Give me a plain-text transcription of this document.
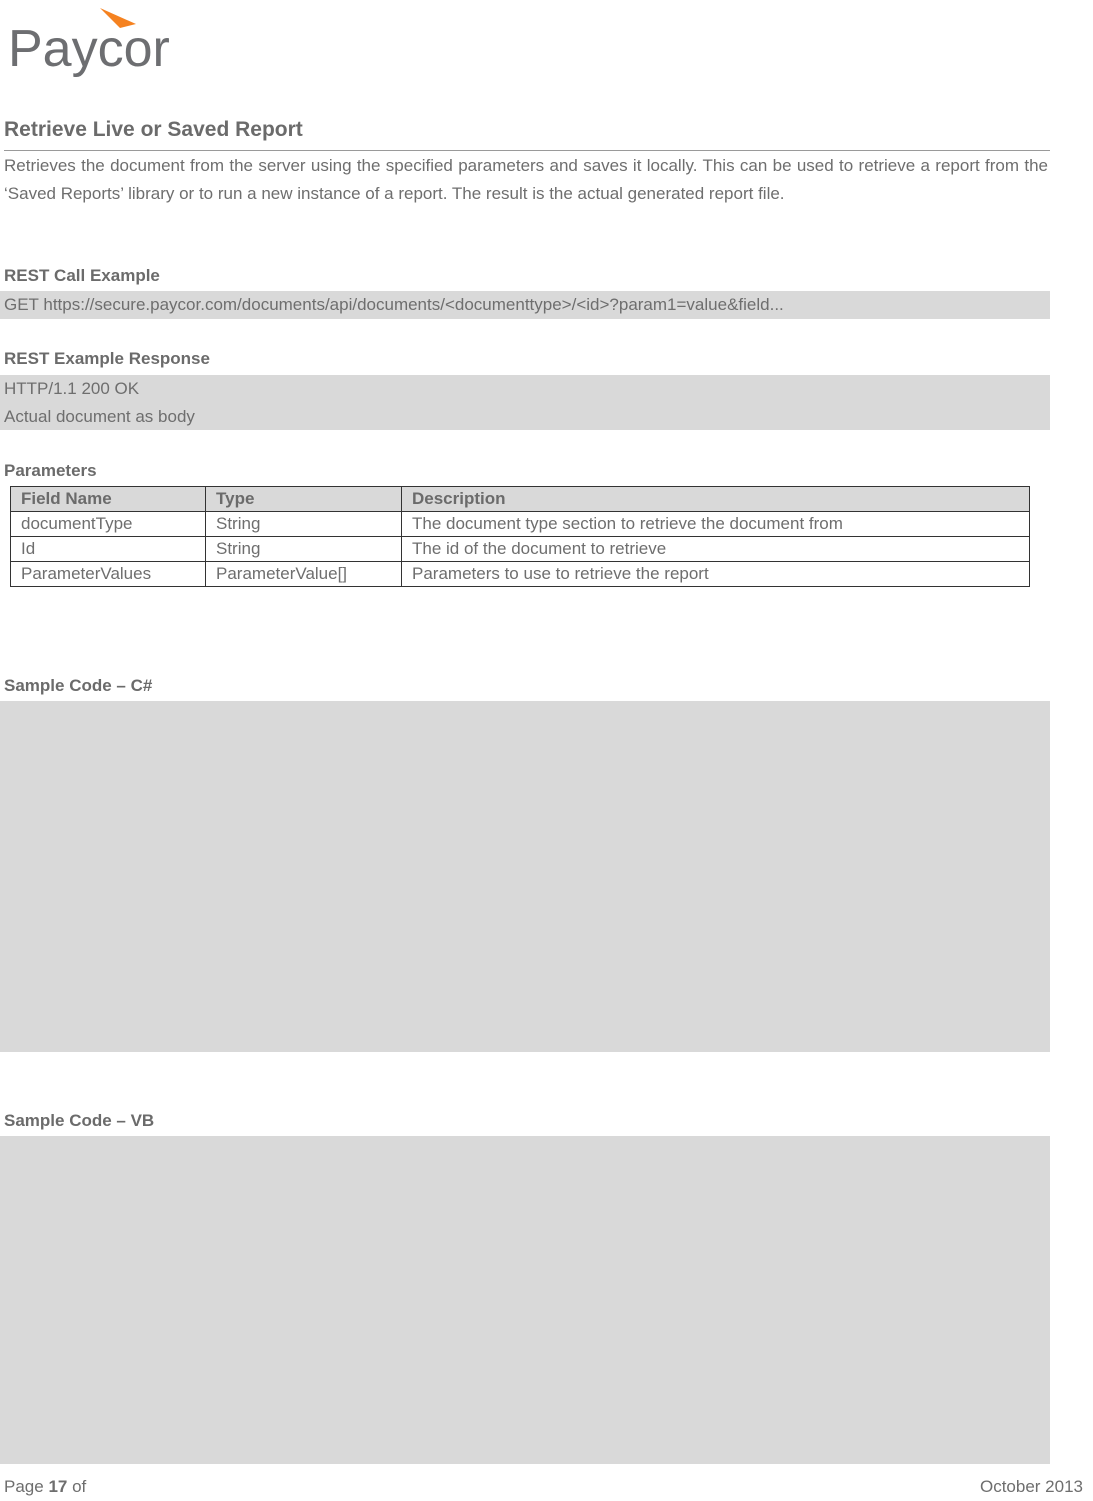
Paycor
Retrieve Live or Saved Report
Retrieves the document from the server using the specified parameters and saves it locally. This can be used to retrieve a report from the ‘Saved Reports’ library or to run a new instance of a report. The result is the actual generated report file.
REST Call Example
GET https://secure.paycor.com/documents/api/documents/<documenttype>/<id>?param1=value&field...
REST Example Response
HTTP/1.1 200 OK
Actual document as body
Parameters
Field Name	Type	Description
documentType	String	The document type section to retrieve the document from
Id	String	The id of the document to retrieve
ParameterValues	ParameterValue[]	Parameters to use to retrieve the report
Sample Code – C#
Sample Code – VB
Page 17 of	October 2013
